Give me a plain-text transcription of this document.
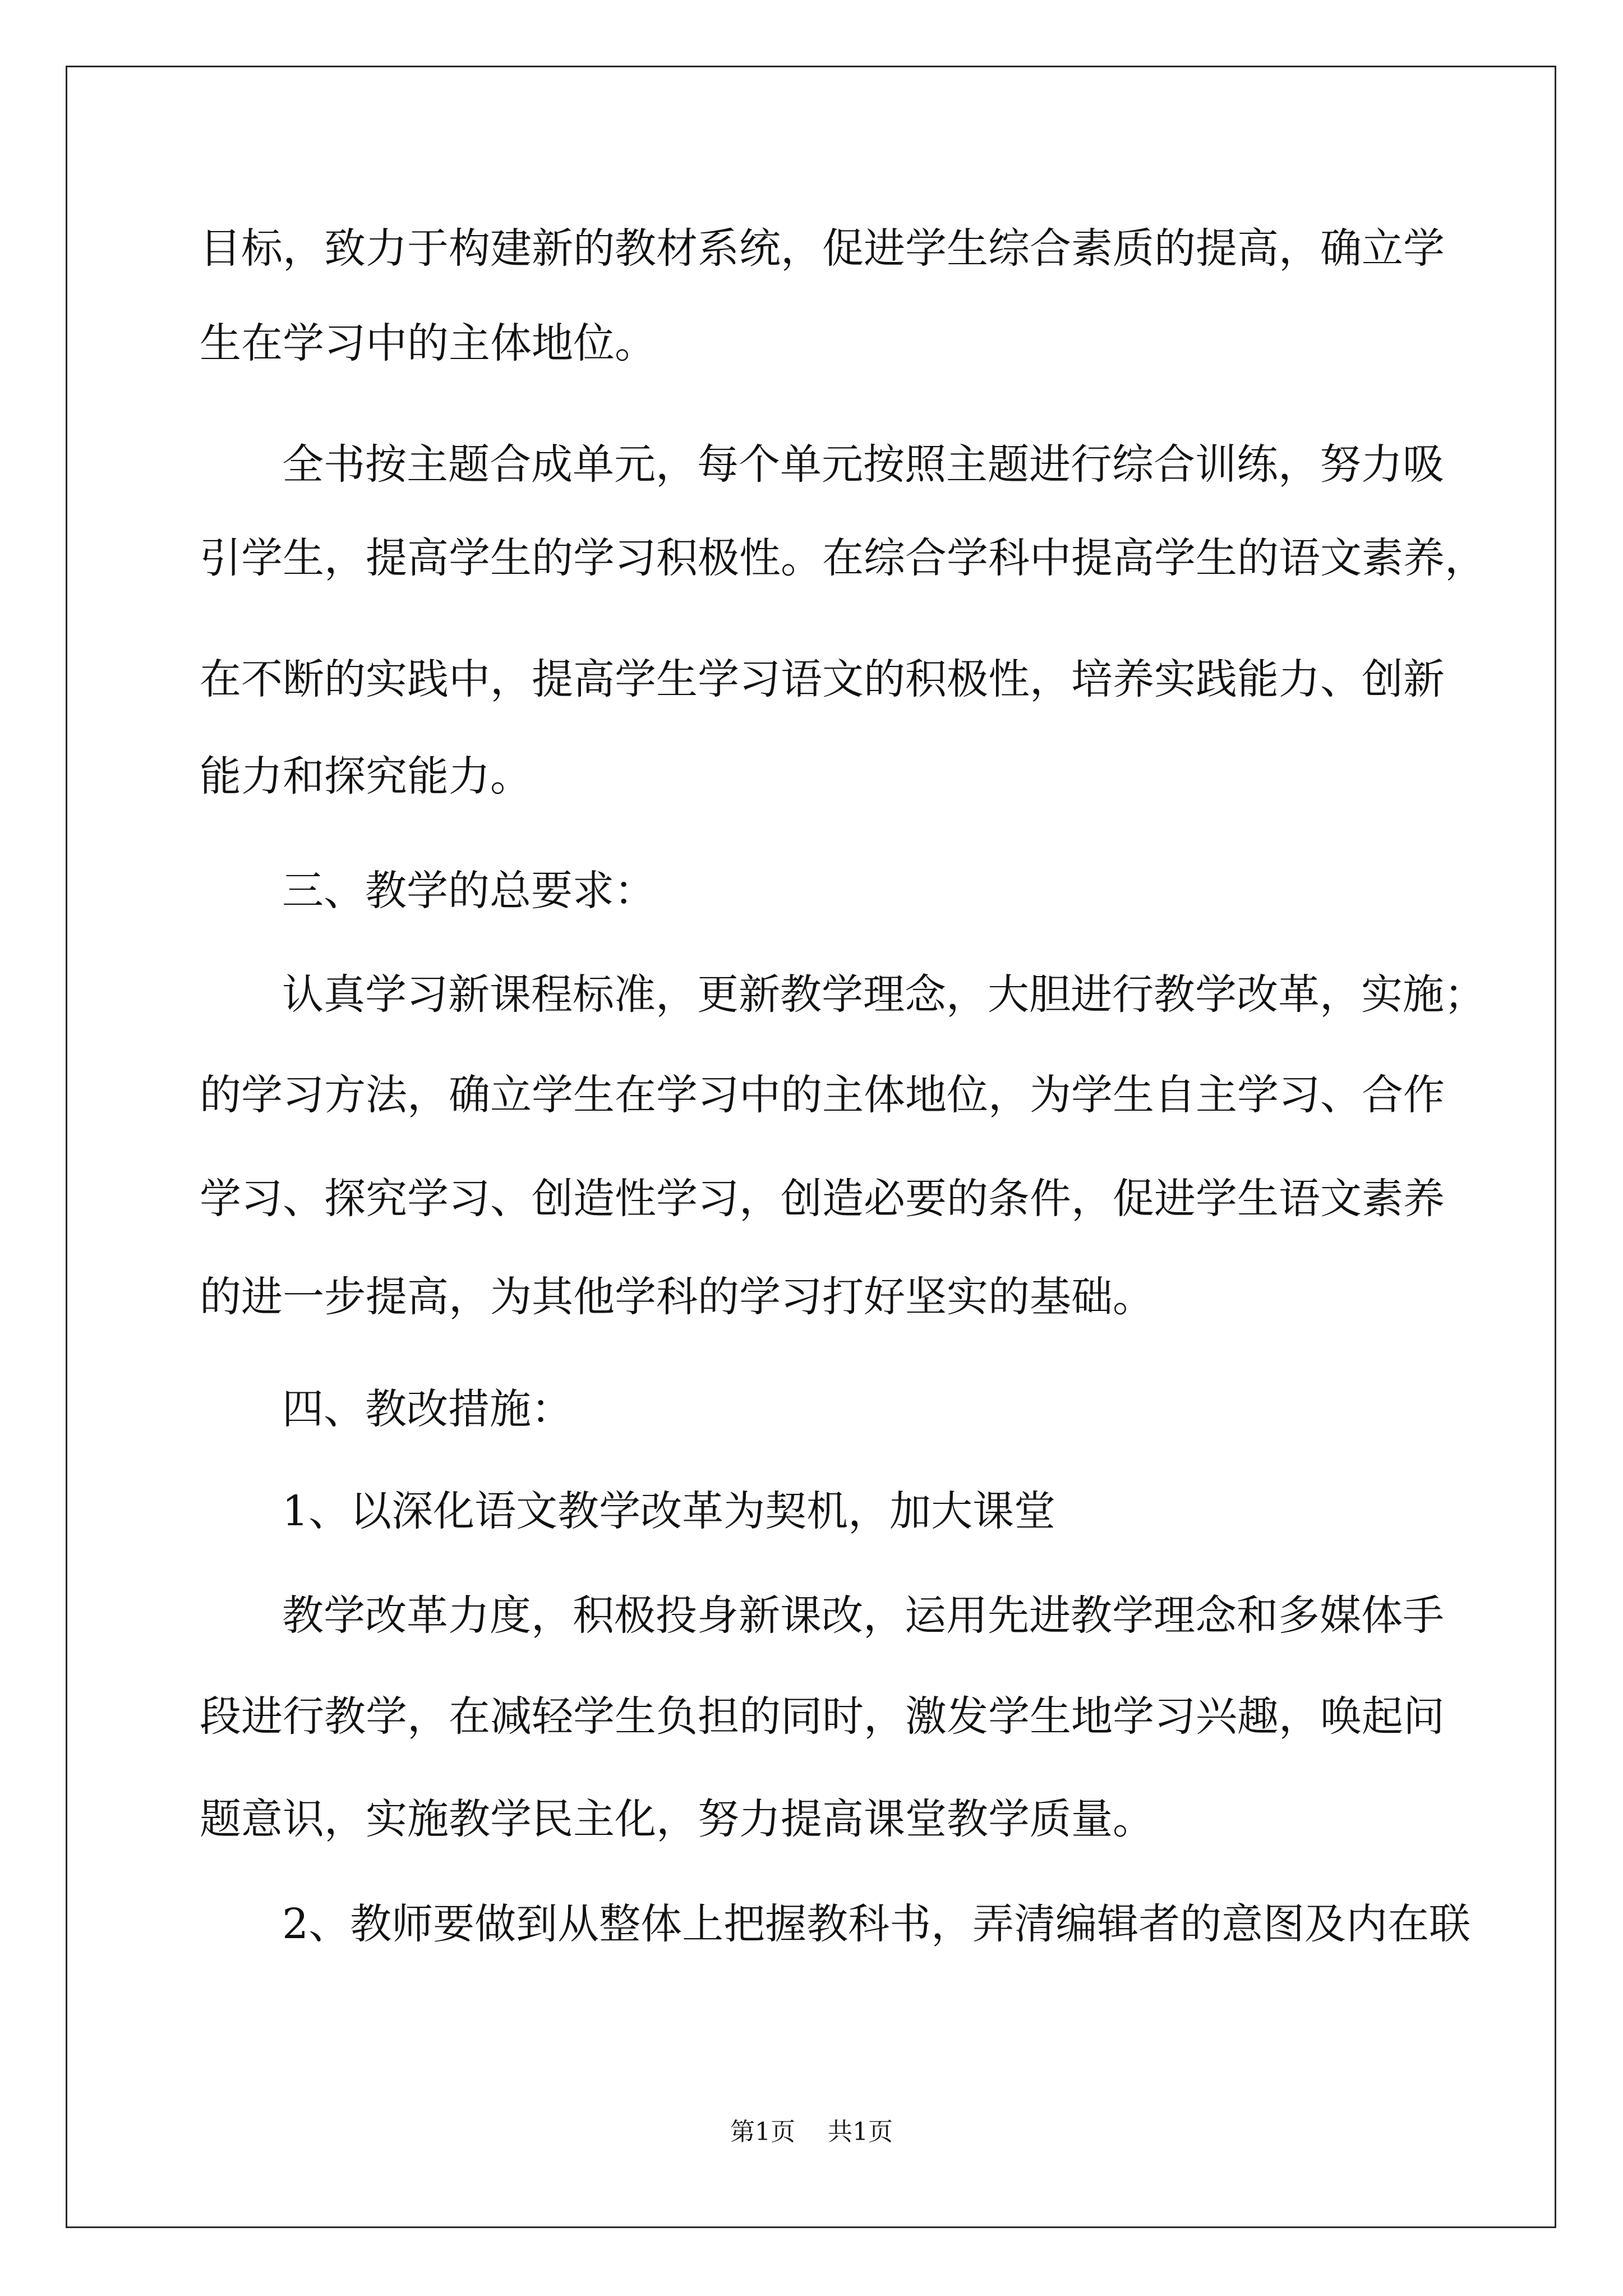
目标，致力于构建新的教材系统，促进学生综合素质的提高，确立学

生在学习中的主体地位。

全书按主题合成单元，每个单元按照主题进行综合训练，努力吸

引学生，提高学生的学习积极性。在综合学科中提高学生的语文素养，

在不断的实践中，提高学生学习语文的积极性，培养实践能力、创新

能力和探究能力。

三、教学的总要求：

认真学习新课程标准，更新教学理念，大胆进行教学改革，实施；

的学习方法，确立学生在学习中的主体地位，为学生自主学习、合作

学习、探究学习、创造性学习，创造必要的条件，促进学生语文素养

的进一步提高，为其他学科的学习打好坚实的基础。

四、教改措施：

1、以深化语文教学改革为契机，加大课堂

教学改革力度，积极投身新课改，运用先进教学理念和多媒体手

段进行教学，在减轻学生负担的同时，激发学生地学习兴趣，唤起问

题意识，实施教学民主化，努力提高课堂教学质量。

2、教师要做到从整体上把握教科书，弄清编辑者的意图及内在联

第1页 共1页
